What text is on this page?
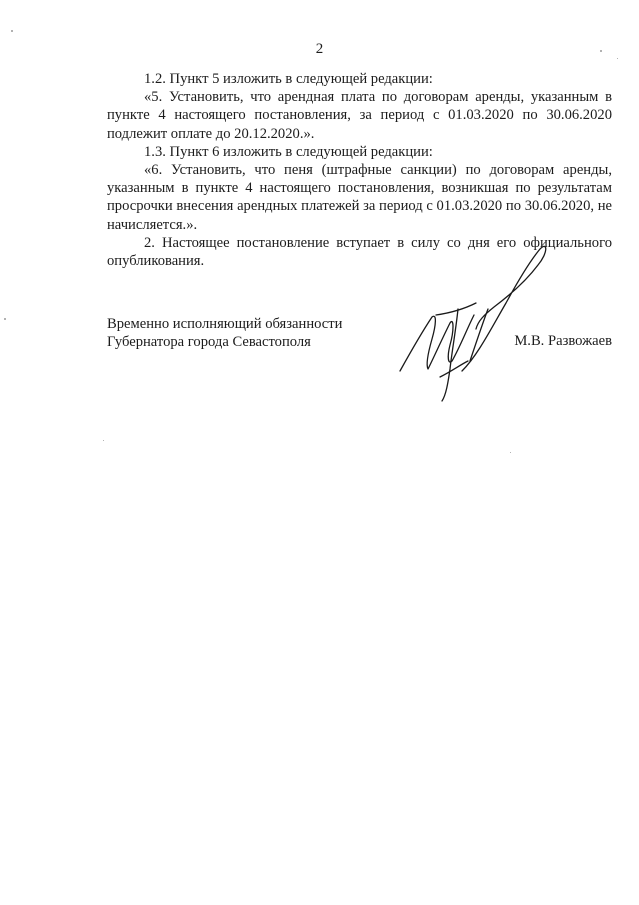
2

1.2. Пункт 5 изложить в следующей редакции:

«5. Установить, что арендная плата по договорам аренды, указанным в пункте 4 настоящего постановления, за период с 01.03.2020 по 30.06.2020 подлежит оплате до 20.12.2020.».

1.3. Пункт 6 изложить в следующей редакции:

«6. Установить, что пеня (штрафные санкции) по договорам аренды, указанным в пункте 4 настоящего постановления, возникшая по результатам просрочки внесения арендных платежей за период с 01.03.2020 по 30.06.2020, не начисляется.».

2. Настоящее постановление вступает в силу со дня его официального опубликования.

Временно исполняющий обязанности
Губернатора города Севастополя	М.В. Развожаев
